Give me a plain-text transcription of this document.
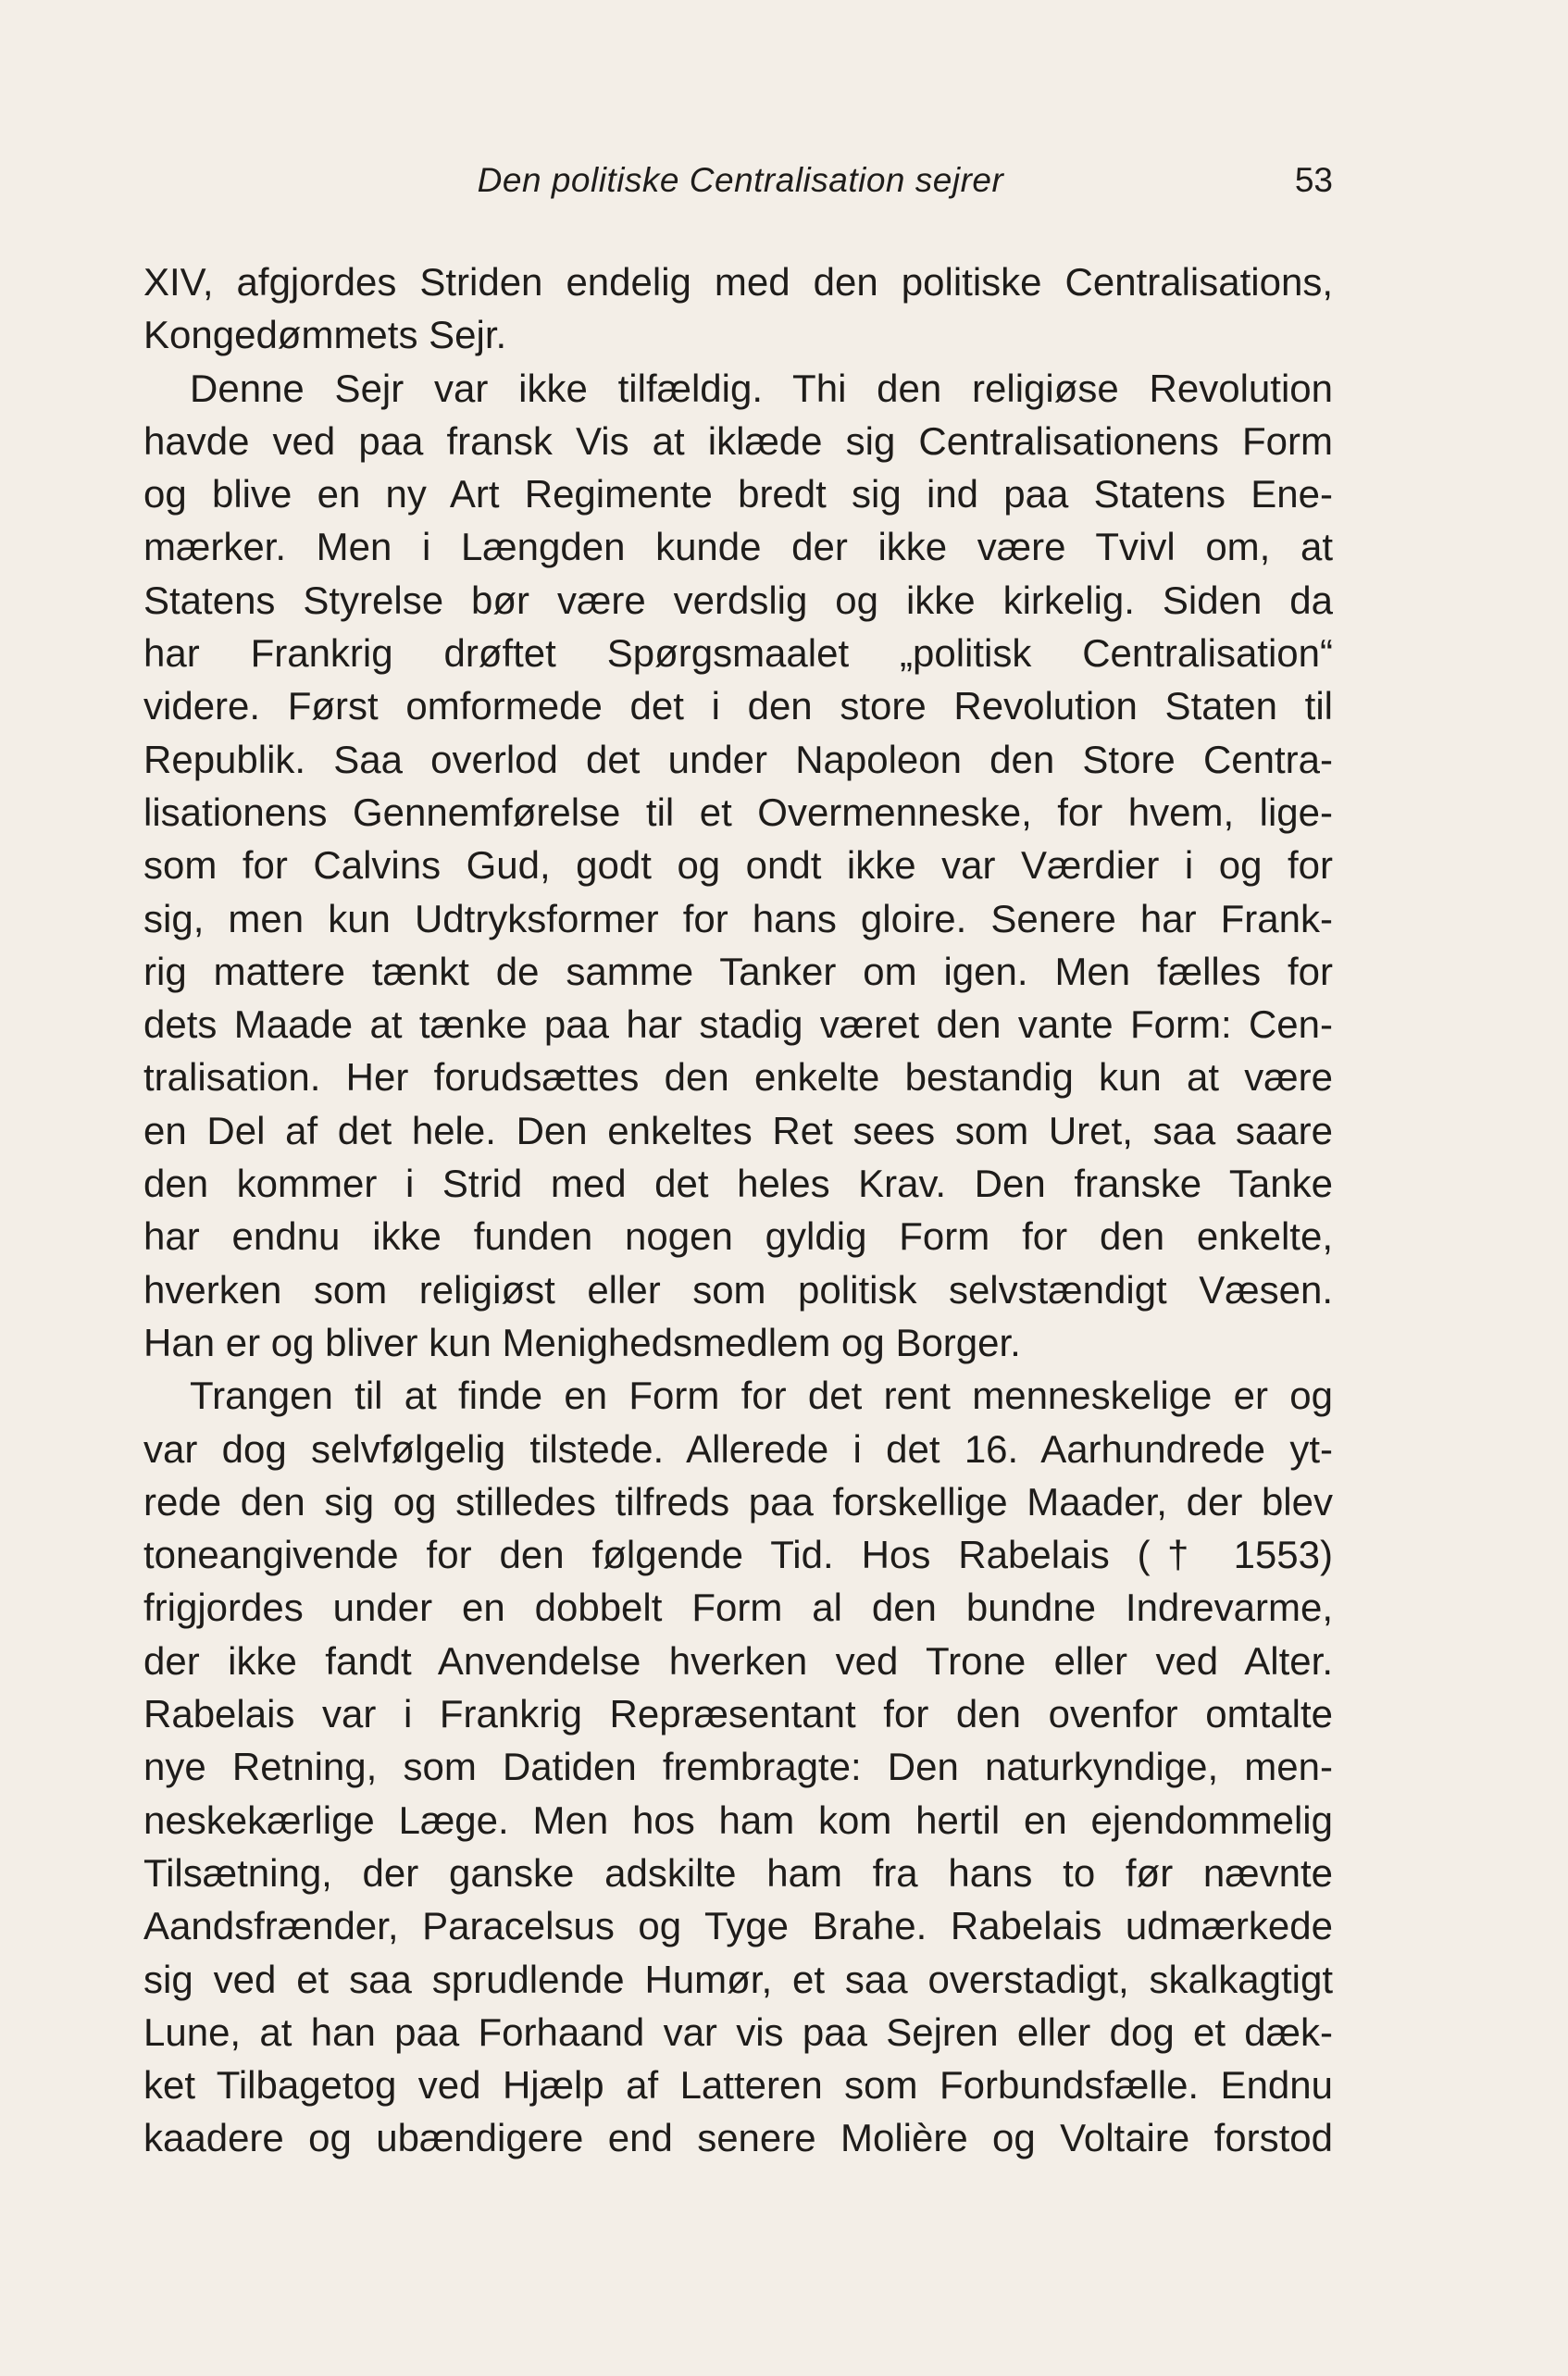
Den politiske Centralisation sejrer	53
XIV, afgjordes Striden endelig med den politiske Centralisations,
Kongedømmets Sejr.
Denne Sejr var ikke tilfældig. Thi den religiøse Revolution
havde ved paa fransk Vis at iklæde sig Centralisationens Form
og blive en ny Art Regimente bredt sig ind paa Statens Ene-
mærker. Men i Længden kunde der ikke være Tvivl om, at
Statens Styrelse bør være verdslig og ikke kirkelig. Siden da
har Frankrig drøftet Spørgsmaalet „politisk Centralisation“
videre. Først omformede det i den store Revolution Staten til
Republik. Saa overlod det under Napoleon den Store Centra-
lisationens Gennemførelse til et Overmenneske, for hvem, lige-
som for Calvins Gud, godt og ondt ikke var Værdier i og for
sig, men kun Udtryksformer for hans gloire. Senere har Frank-
rig mattere tænkt de samme Tanker om igen. Men fælles for
dets Maade at tænke paa har stadig været den vante Form: Cen-
tralisation. Her forudsættes den enkelte bestandig kun at være
en Del af det hele. Den enkeltes Ret sees som Uret, saa saare
den kommer i Strid med det heles Krav. Den franske Tanke
har endnu ikke funden nogen gyldig Form for den enkelte,
hverken som religiøst eller som politisk selvstændigt Væsen.
Han er og bliver kun Menighedsmedlem og Borger.
Trangen til at finde en Form for det rent menneskelige er og
var dog selvfølgelig tilstede. Allerede i det 16. Aarhundrede yt-
rede den sig og stilledes tilfreds paa forskellige Maader, der blev
toneangivende for den følgende Tid. Hos Rabelais († 1553)
frigjordes under en dobbelt Form al den bundne Indrevarme,
der ikke fandt Anvendelse hverken ved Trone eller ved Alter.
Rabelais var i Frankrig Repræsentant for den ovenfor omtalte
nye Retning, som Datiden frembragte: Den naturkyndige, men-
neskekærlige Læge. Men hos ham kom hertil en ejendommelig
Tilsætning, der ganske adskilte ham fra hans to før nævnte
Aandsfrænder, Paracelsus og Tyge Brahe. Rabelais udmærkede
sig ved et saa sprudlende Humør, et saa overstadigt, skalkagtigt
Lune, at han paa Forhaand var vis paa Sejren eller dog et dæk-
ket Tilbagetog ved Hjælp af Latteren som Forbundsfælle. Endnu
kaadere og ubændigere end senere Molière og Voltaire forstod
